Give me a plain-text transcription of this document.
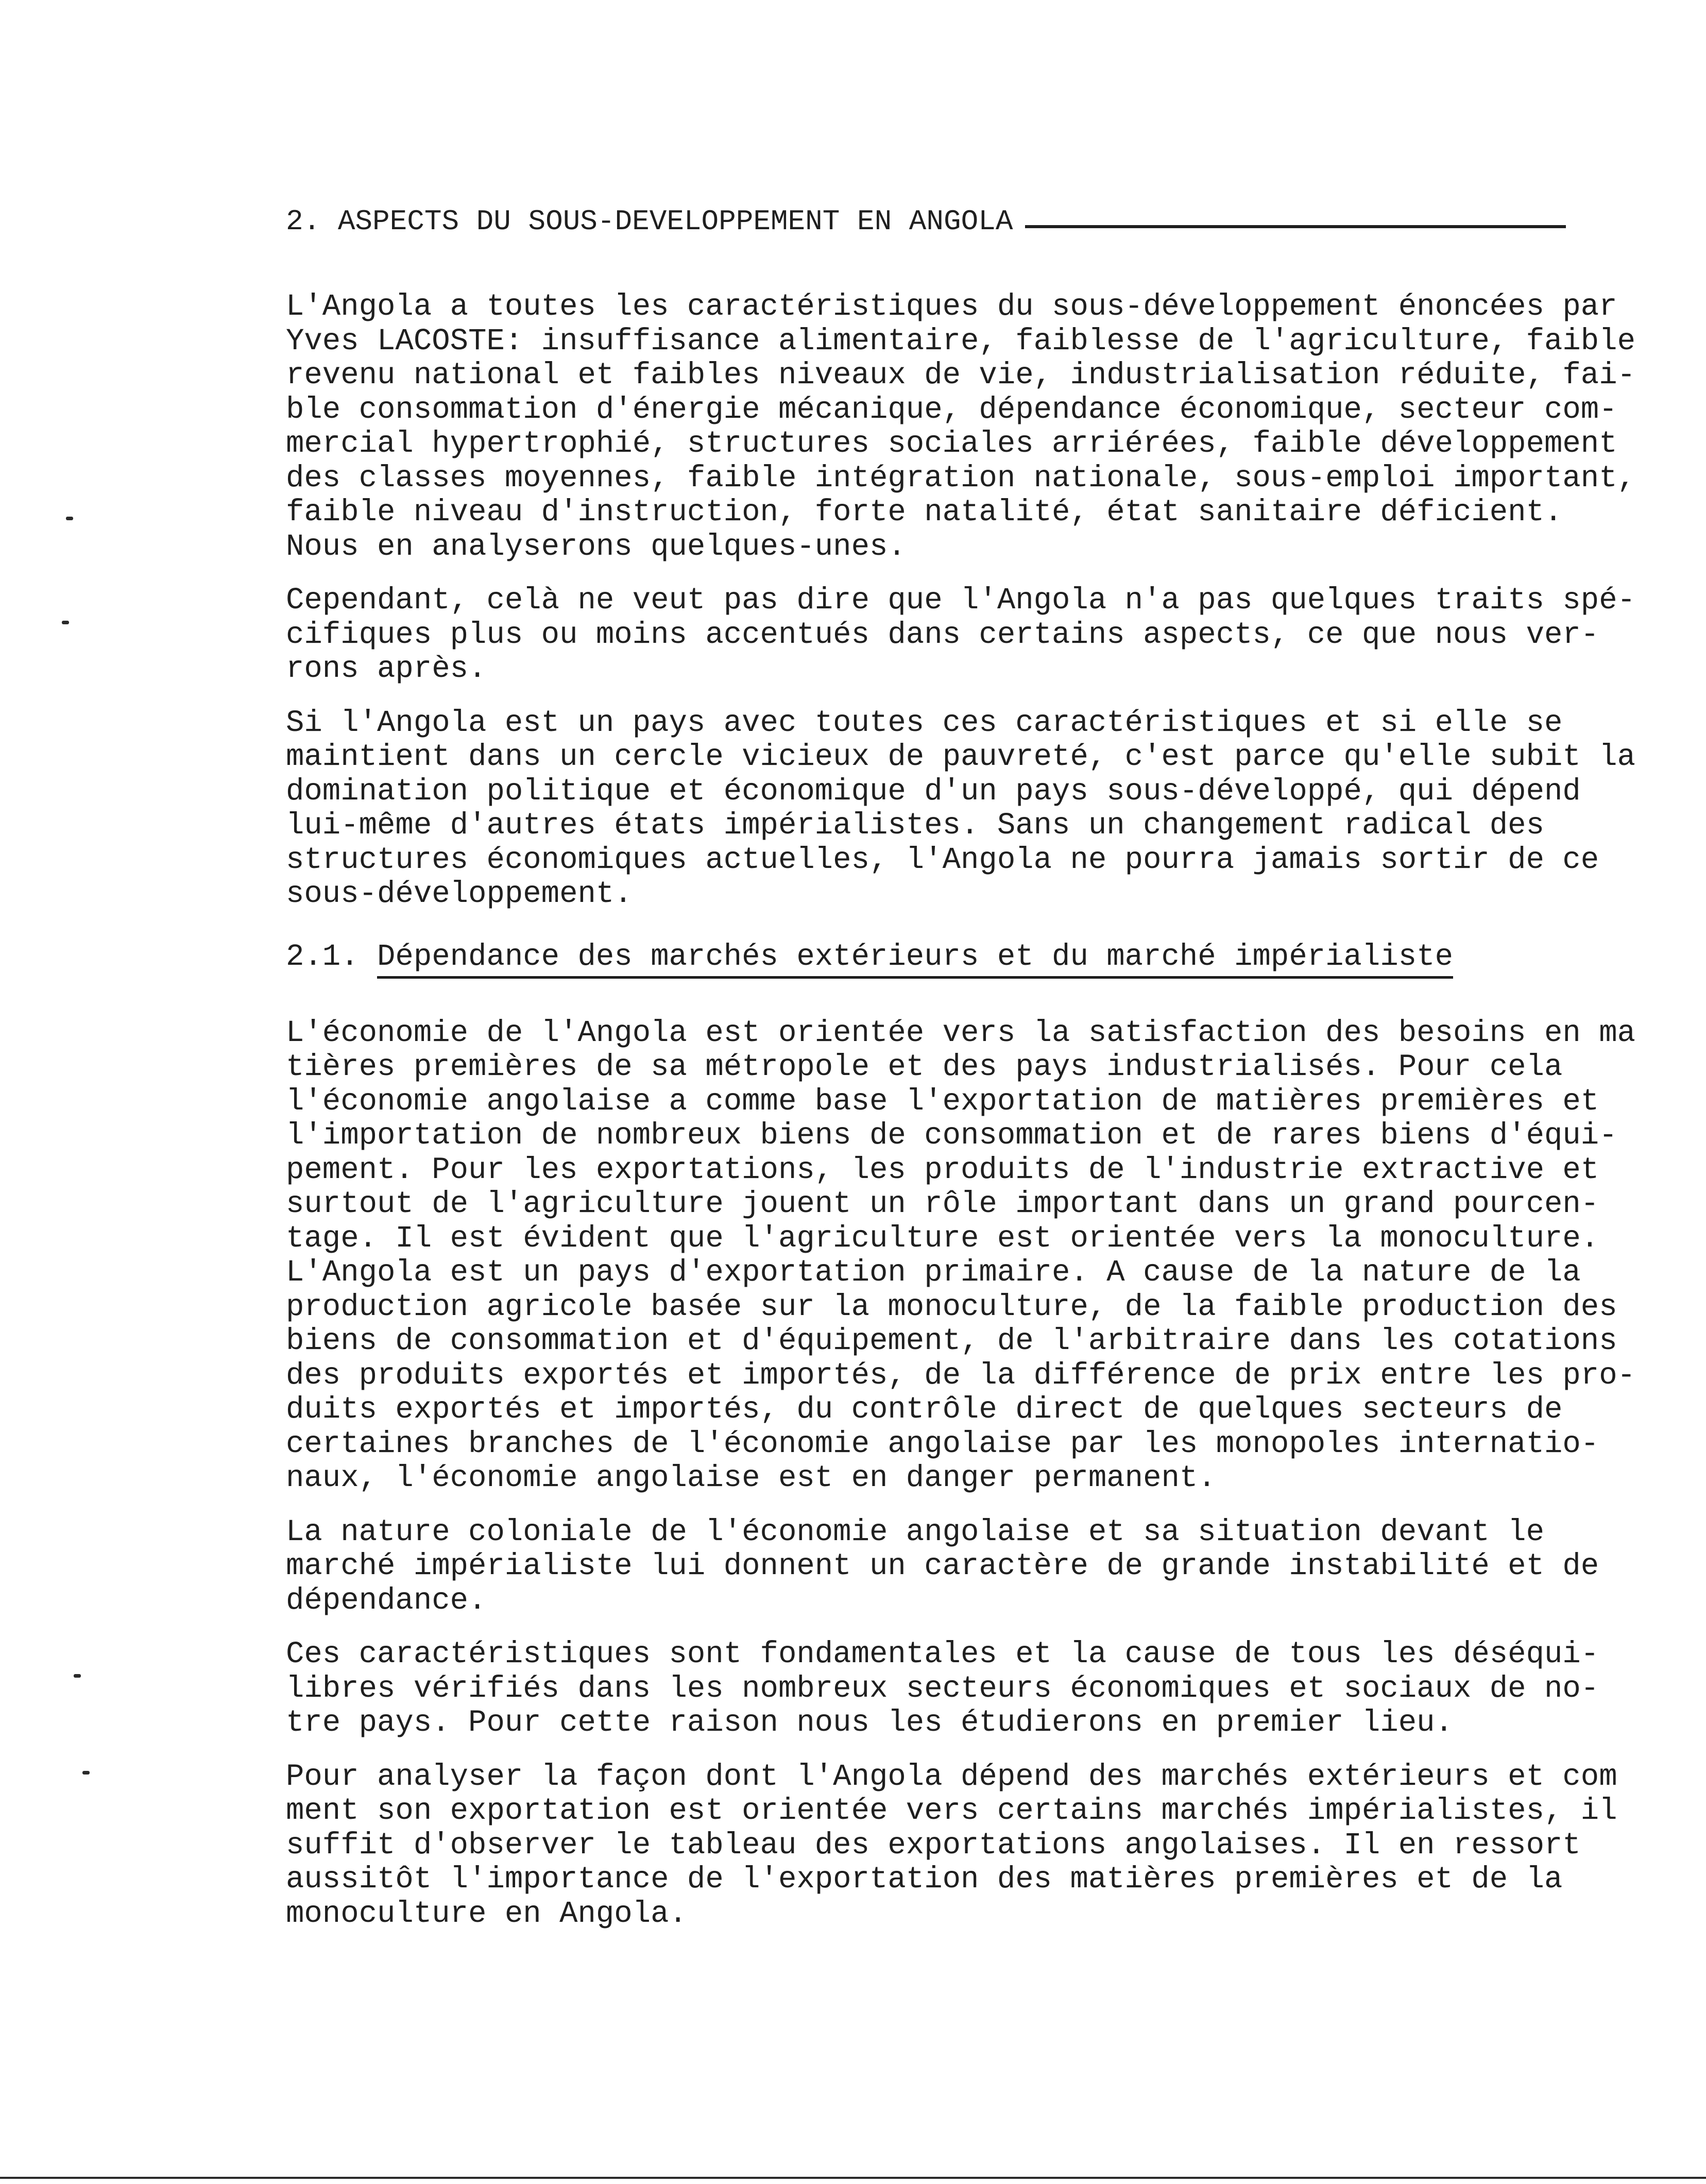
2. ASPECTS DU SOUS-DEVELOPPEMENT EN ANGOLA
L'Angola a toutes les caractéristiques du sous-développement énoncées par
Yves LACOSTE: insuffisance alimentaire, faiblesse de l'agriculture, faible
revenu national et faibles niveaux de vie, industrialisation réduite, fai-
ble consommation d'énergie mécanique, dépendance économique, secteur com-
mercial hypertrophié, structures sociales arriérées, faible développement
des classes moyennes, faible intégration nationale, sous-emploi important,
faible niveau d'instruction, forte natalité, état sanitaire déficient.
Nous en analyserons quelques-unes.
Cependant, celà ne veut pas dire que l'Angola n'a pas quelques traits spé-
cifiques plus ou moins accentués dans certains aspects, ce que nous ver-
rons après.
Si l'Angola est un pays avec toutes ces caractéristiques et si elle se
maintient dans un cercle vicieux de pauvreté, c'est parce qu'elle subit la
domination politique et économique d'un pays sous-développé, qui dépend
lui-même d'autres états impérialistes. Sans un changement radical des
structures économiques actuelles, l'Angola ne pourra jamais sortir de ce
sous-développement.
2.1. Dépendance des marchés extérieurs et du marché impérialiste
L'économie de l'Angola est orientée vers la satisfaction des besoins en ma
tières premières de sa métropole et des pays industrialisés. Pour cela
l'économie angolaise a comme base l'exportation de matières premières et
l'importation de nombreux biens de consommation et de rares biens d'équi-
pement. Pour les exportations, les produits de l'industrie extractive et
surtout de l'agriculture jouent un rôle important dans un grand pourcen-
tage. Il est évident que l'agriculture est orientée vers la monoculture.
L'Angola est un pays d'exportation primaire. A cause de la nature de la
production agricole basée sur la monoculture, de la faible production des
biens de consommation et d'équipement, de l'arbitraire dans les cotations
des produits exportés et importés, de la différence de prix entre les pro-
duits exportés et importés, du contrôle direct de quelques secteurs de
certaines branches de l'économie angolaise par les monopoles internatio-
naux, l'économie angolaise est en danger permanent.
La nature coloniale de l'économie angolaise et sa situation devant le
marché impérialiste lui donnent un caractère de grande instabilité et de
dépendance.
Ces caractéristiques sont fondamentales et la cause de tous les déséqui-
libres vérifiés dans les nombreux secteurs économiques et sociaux de no-
tre pays. Pour cette raison nous les étudierons en premier lieu.
Pour analyser la façon dont l'Angola dépend des marchés extérieurs et com
ment son exportation est orientée vers certains marchés impérialistes, il
suffit d'observer le tableau des exportations angolaises. Il en ressort
aussitôt l'importance de l'exportation des matières premières et de la
monoculture en Angola.
